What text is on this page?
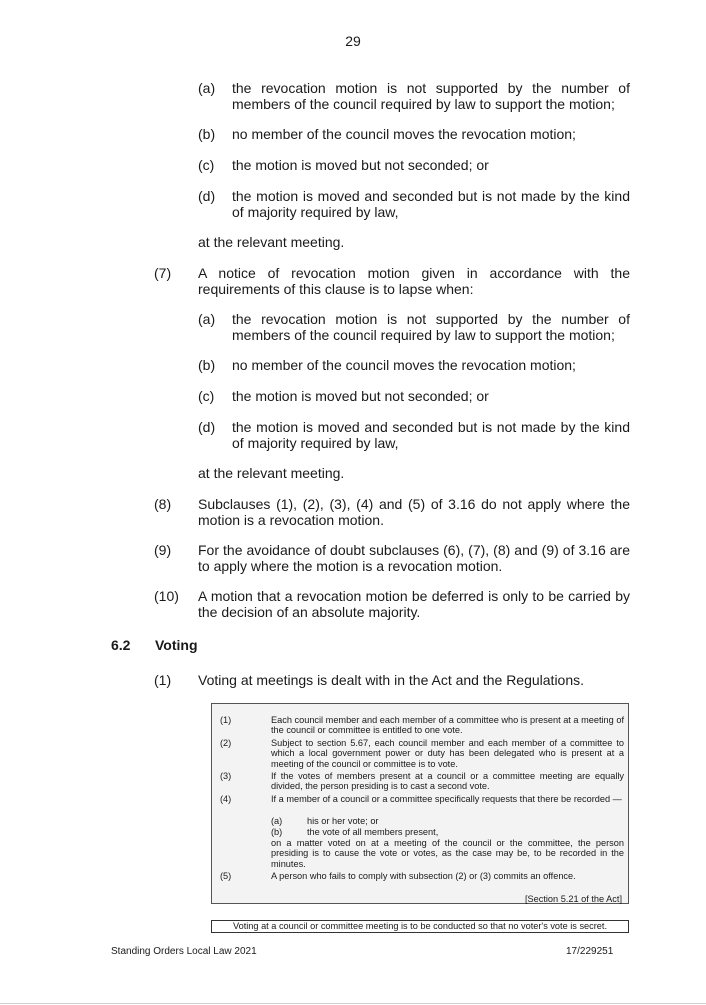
29
(a) the revocation motion is not supported by the number of members of the council required by law to support the motion;
(b) no member of the council moves the revocation motion;
(c) the motion is moved but not seconded; or
(d) the motion is moved and seconded but is not made by the kind of majority required by law,
at the relevant meeting.
(7) A notice of revocation motion given in accordance with the requirements of this clause is to lapse when:
(a) the revocation motion is not supported by the number of members of the council required by law to support the motion;
(b) no member of the council moves the revocation motion;
(c) the motion is moved but not seconded; or
(d) the motion is moved and seconded but is not made by the kind of majority required by law,
at the relevant meeting.
(8) Subclauses (1), (2), (3), (4) and (5) of 3.16 do not apply where the motion is a revocation motion.
(9) For the avoidance of doubt subclauses (6), (7), (8) and (9) of 3.16 are to apply where the motion is a revocation motion.
(10) A motion that a revocation motion be deferred is only to be carried by the decision of an absolute majority.
6.2 Voting
(1) Voting at meetings is dealt with in the Act and the Regulations.
(1)	Each council member and each member of a committee who is present at a meeting of the council or committee is entitled to one vote.
(2)	Subject to section 5.67, each council member and each member of a committee to which a local government power or duty has been delegated who is present at a meeting of the council or committee is to vote.
(3)	If the votes of members present at a council or a committee meeting are equally divided, the person presiding is to cast a second vote.
(4)	If a member of a council or a committee specifically requests that there be recorded —
(a)	his or her vote; or
(b)	the vote of all members present,
on a matter voted on at a meeting of the council or the committee, the person presiding is to cause the vote or votes, as the case may be, to be recorded in the minutes.
(5)	A person who fails to comply with subsection (2) or (3) commits an offence.
[Section 5.21 of the Act]
Voting at a council or committee meeting is to be conducted so that no voter's vote is secret.
Standing Orders Local Law 2021	17/229251
